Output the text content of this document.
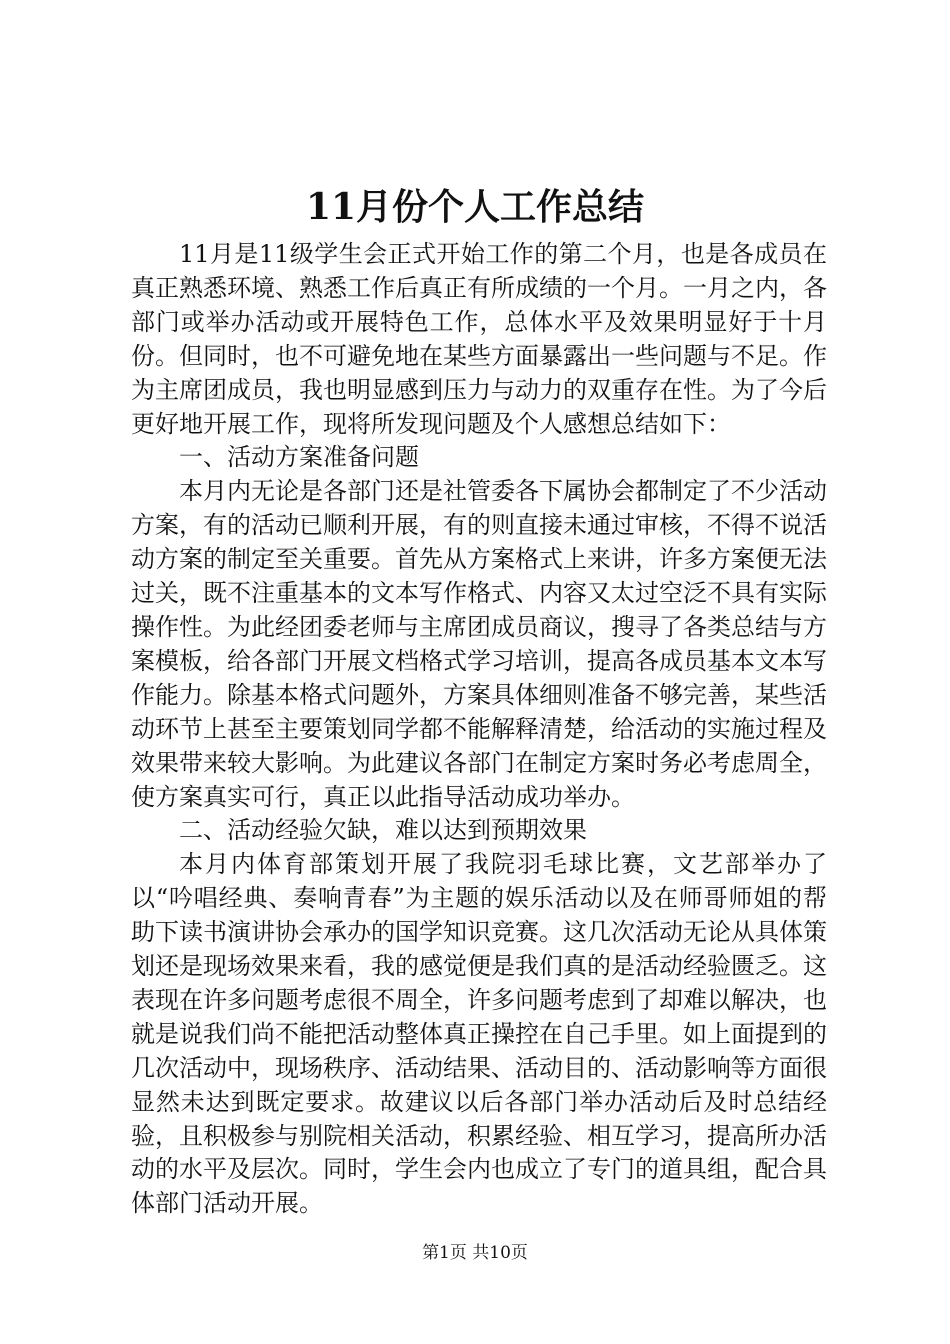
11月份个人工作总结

11月是11级学生会正式开始工作的第二个月，也是各成员在真正熟悉环境、熟悉工作后真正有所成绩的一个月。一月之内，各部门或举办活动或开展特色工作，总体水平及效果明显好于十月份。但同时，也不可避免地在某些方面暴露出一些问题与不足。作为主席团成员，我也明显感到压力与动力的双重存在性。为了今后更好地开展工作，现将所发现问题及个人感想总结如下：

一、活动方案准备问题

本月内无论是各部门还是社管委各下属协会都制定了不少活动方案，有的活动已顺利开展，有的则直接未通过审核，不得不说活动方案的制定至关重要。首先从方案格式上来讲，许多方案便无法过关，既不注重基本的文本写作格式、内容又太过空泛不具有实际操作性。为此经团委老师与主席团成员商议，搜寻了各类总结与方案模板，给各部门开展文档格式学习培训，提高各成员基本文本写作能力。除基本格式问题外，方案具体细则准备不够完善，某些活动环节上甚至主要策划同学都不能解释清楚，给活动的实施过程及效果带来较大影响。为此建议各部门在制定方案时务必考虑周全，使方案真实可行，真正以此指导活动成功举办。

二、活动经验欠缺，难以达到预期效果

本月内体育部策划开展了我院羽毛球比赛，文艺部举办了以“吟唱经典、奏响青春”为主题的娱乐活动以及在师哥师姐的帮助下读书演讲协会承办的国学知识竞赛。这几次活动无论从具体策划还是现场效果来看，我的感觉便是我们真的是活动经验匮乏。这表现在许多问题考虑很不周全，许多问题考虑到了却难以解决，也就是说我们尚不能把活动整体真正操控在自己手里。如上面提到的几次活动中，现场秩序、活动结果、活动目的、活动影响等方面很显然未达到既定要求。故建议以后各部门举办活动后及时总结经验，且积极参与别院相关活动，积累经验、相互学习，提高所办活动的水平及层次。同时，学生会内也成立了专门的道具组，配合具体部门活动开展。

第1页 共10页
